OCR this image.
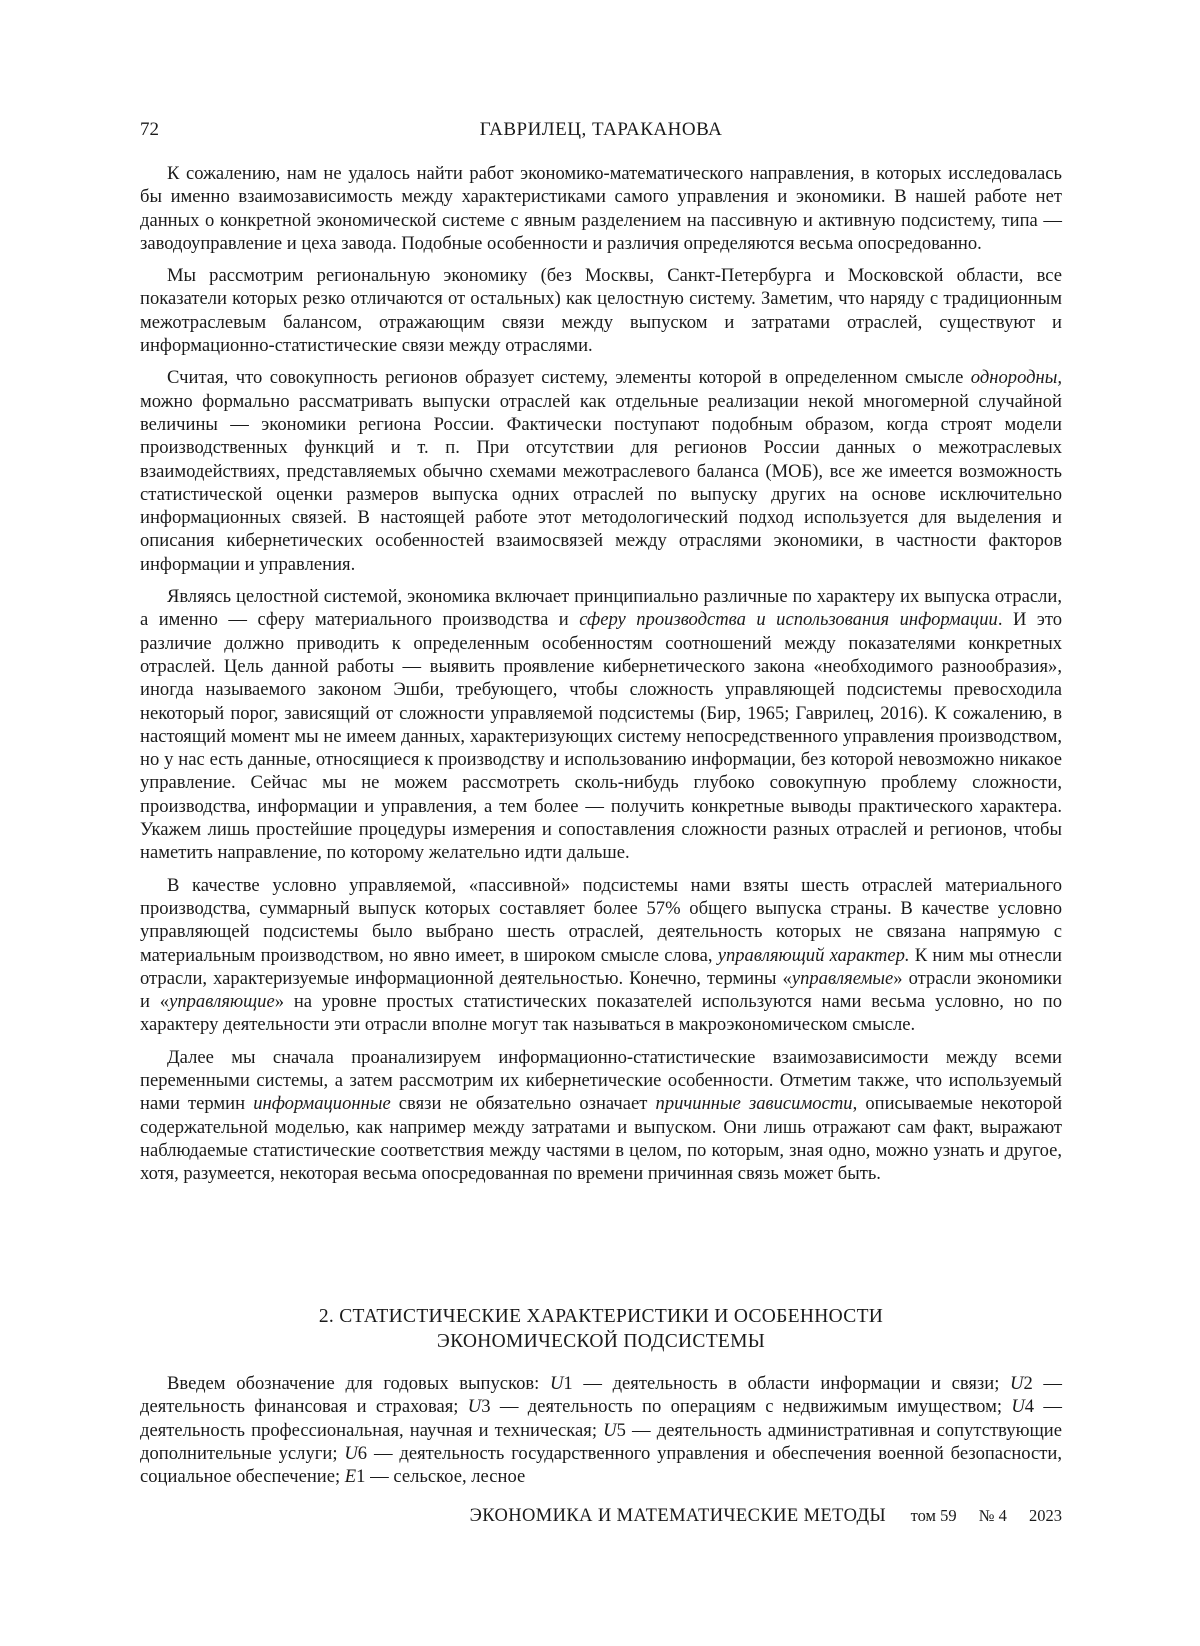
72	ГАВРИЛЕЦ, ТАРАКАНОВА

К сожалению, нам не удалось найти работ экономико-математического направления, в которых исследовалась бы именно взаимозависимость между характеристиками самого управления и экономики. В нашей работе нет данных о конкретной экономической системе с явным разделением на пассивную и активную подсистему, типа — заводоуправление и цеха завода. Подобные особенности и различия определяются весьма опосредованно.

Мы рассмотрим региональную экономику (без Москвы, Санкт-Петербурга и Московской области, все показатели которых резко отличаются от остальных) как целостную систему. Заметим, что наряду с традиционным межотраслевым балансом, отражающим связи между выпуском и затратами отраслей, существуют и информационно-статистические связи между отраслями.

Считая, что совокупность регионов образует систему, элементы которой в определенном смысле однородны, можно формально рассматривать выпуски отраслей как отдельные реализации некой многомерной случайной величины — экономики региона России. Фактически поступают подобным образом, когда строят модели производственных функций и т. п. При отсутствии для регионов России данных о межотраслевых взаимодействиях, представляемых обычно схемами межотраслевого баланса (МОБ), все же имеется возможность статистической оценки размеров выпуска одних отраслей по выпуску других на основе исключительно информационных связей. В настоящей работе этот методологический подход используется для выделения и описания кибернетических особенностей взаимосвязей между отраслями экономики, в частности факторов информации и управления.

Являясь целостной системой, экономика включает принципиально различные по характеру их выпуска отрасли, а именно — сферу материального производства и сферу производства и использования информации. И это различие должно приводить к определенным особенностям соотношений между показателями конкретных отраслей. Цель данной работы — выявить проявление кибернетического закона «необходимого разнообразия», иногда называемого законом Эшби, требующего, чтобы сложность управляющей подсистемы превосходила некоторый порог, зависящий от сложности управляемой подсистемы (Бир, 1965; Гаврилец, 2016). К сожалению, в настоящий момент мы не имеем данных, характеризующих систему непосредственного управления производством, но у нас есть данные, относящиеся к производству и использованию информации, без которой невозможно никакое управление. Сейчас мы не можем рассмотреть сколь-нибудь глубоко совокупную проблему сложности, производства, информации и управления, а тем более — получить конкретные выводы практического характера. Укажем лишь простейшие процедуры измерения и сопоставления сложности разных отраслей и регионов, чтобы наметить направление, по которому желательно идти дальше.

В качестве условно управляемой, «пассивной» подсистемы нами взяты шесть отраслей материального производства, суммарный выпуск которых составляет более 57% общего выпуска страны. В качестве условно управляющей подсистемы было выбрано шесть отраслей, деятельность которых не связана напрямую с материальным производством, но явно имеет, в широком смысле слова, управляющий характер. К ним мы отнесли отрасли, характеризуемые информационной деятельностью. Конечно, термины «управляемые» отрасли экономики и «управляющие» на уровне простых статистических показателей используются нами весьма условно, но по характеру деятельности эти отрасли вполне могут так называться в макроэкономическом смысле.

Далее мы сначала проанализируем информационно-статистические взаимозависимости между всеми переменными системы, а затем рассмотрим их кибернетические особенности. Отметим также, что используемый нами термин информационные связи не обязательно означает причинные зависимости, описываемые некоторой содержательной моделью, как например между затратами и выпуском. Они лишь отражают сам факт, выражают наблюдаемые статистические соответствия между частями в целом, по которым, зная одно, можно узнать и другое, хотя, разумеется, некоторая весьма опосредованная по времени причинная связь может быть.

2. СТАТИСТИЧЕСКИЕ ХАРАКТЕРИСТИКИ И ОСОБЕННОСТИ
ЭКОНОМИЧЕСКОЙ ПОДСИСТЕМЫ

Введем обозначение для годовых выпусков: U1 — деятельность в области информации и связи; U2 — деятельность финансовая и страховая; U3 — деятельность по операциям с недвижимым имуществом; U4 — деятельность профессиональная, научная и техническая; U5 — деятельность административная и сопутствующие дополнительные услуги; U6 — деятельность государственного управления и обеспечения военной безопасности, социальное обеспечение; E1 — сельское, лесное

ЭКОНОМИКА И МАТЕМАТИЧЕСКИЕ МЕТОДЫ том 59 № 4 2023
